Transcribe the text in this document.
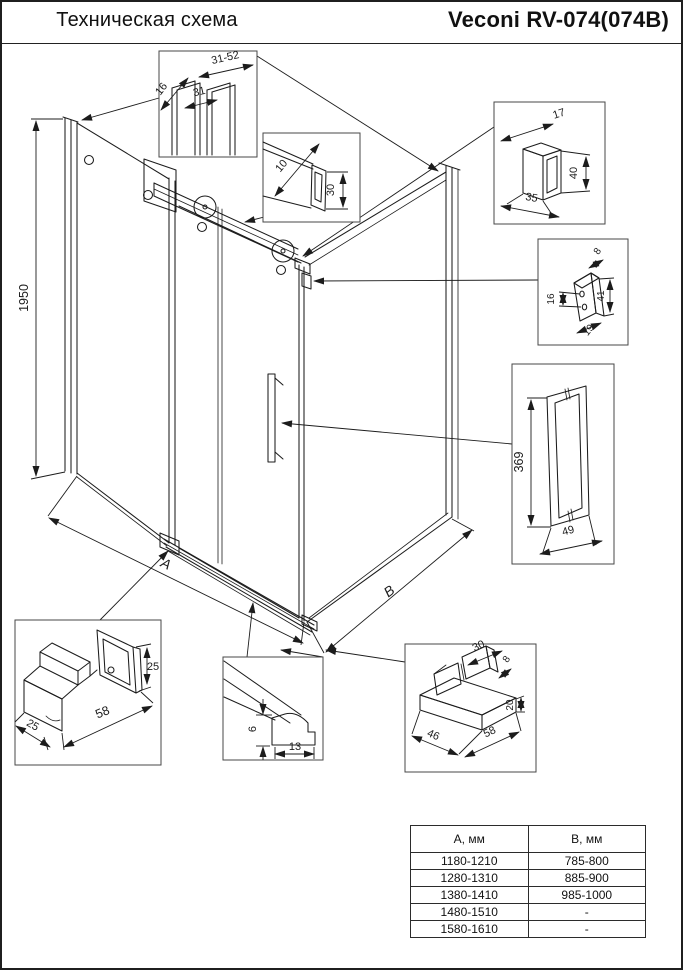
Техническая схема	Veconi RV-074(074B)
31-52
16 31
10
30
17
40
35
8
16	41
19
369
49
25
58
25	6
13
30
8
20
46	58
1950
A
B
А, мм	В, мм
1180-1210	785-800
1280-1310	885-900
1380-1410	985-1000
1480-1510	-
1580-1610	-
